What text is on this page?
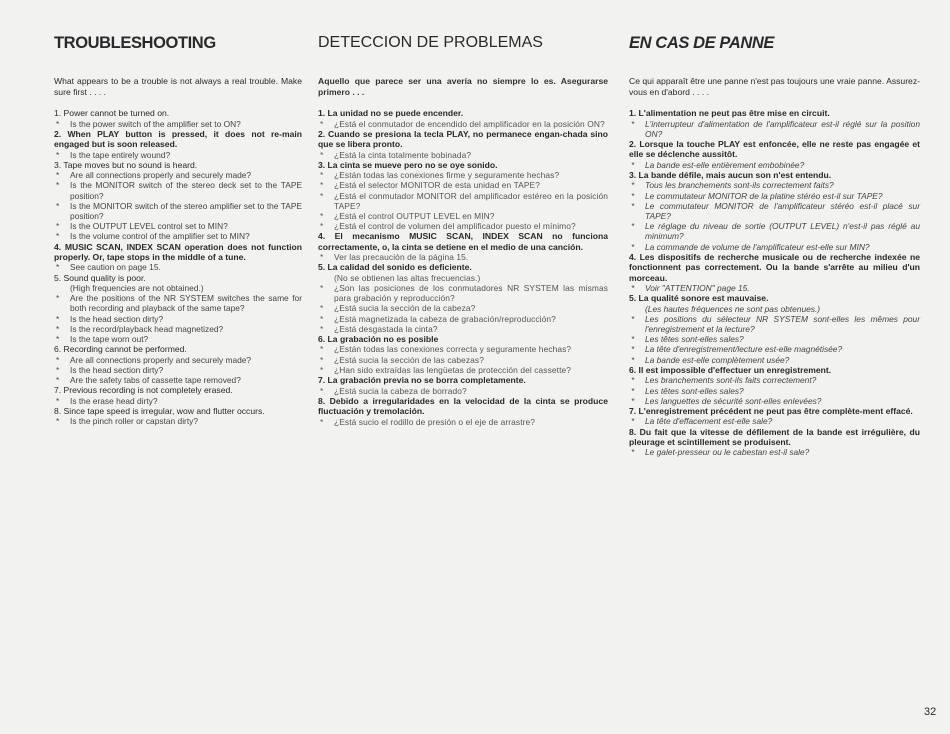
TROUBLESHOOTING
What appears to be a trouble is not always a real trouble. Make sure first . . . .
1. Power cannot be turned on.
* Is the power switch of the amplifier set to ON?
2. When PLAY button is pressed, it does not re-main engaged but is soon released.
* Is the tape entirely wound?
3. Tape moves but no sound is heard.
* Are all connections properly and securely made?
* Is the MONITOR switch of the stereo deck set to the TAPE position?
* Is the MONITOR switch of the stereo amplifier set to the TAPE position?
* Is the OUTPUT LEVEL control set to MIN?
* Is the volume control of the amplifier set to MIN?
4. MUSIC SCAN, INDEX SCAN operation does not function properly. Or, tape stops in the middle of a tune.
* See caution on page 15.
5. Sound quality is poor.
(High frequencies are not obtained.)
* Are the positions of the NR SYSTEM switches the same for both recording and playback of the same tape?
* Is the head section dirty?
* Is the record/playback head magnetized?
* Is the tape worn out?
6. Recording cannot be performed.
* Are all connections properly and securely made?
* Is the head section dirty?
* Are the safety tabs of cassette tape removed?
7. Previous recording is not completely erased.
* Is the erase head dirty?
8. Since tape speed is irregular, wow and flutter occurs.
* Is the pinch roller or capstan dirty?
DETECCION DE PROBLEMAS
Aquello que parece ser una avería no siempre lo es. Asegurarse primero . . .
1. La unidad no se puede encender.
* ¿Está el conmutador de encendido del amplificador en la posición ON?
2. Cuando se presiona la tecla PLAY, no permanece engan-chada sino que se libera pronto.
* ¿Está la cinta totalmente bobinada?
3. La cinta se mueve pero no se oye sonido.
* ¿Están todas las conexiones firme y seguramente hechas?
* ¿Está el selector MONITOR de esta unidad en TAPE?
* ¿Está el conmutador MONITOR del amplificador estéreo en la posición TAPE?
* ¿Está el control OUTPUT LEVEL en MIN?
* ¿Está el control de volumen del amplificador puesto el mínimo?
4. El mecanismo MUSIC SCAN, INDEX SCAN no funciona correctamente, o, la cinta se detiene en el medio de una canción.
* Ver las precaución de la página 15.
5. La calidad del sonido es deficiente.
(No se obtienen las altas frecuencias.)
* ¿Son las posiciones de los conmutadores NR SYSTEM las mismas para grabación y reproducción?
* ¿Está sucia la sección de la cabeza?
* ¿Está magnetizada la cabeza de grabación/reproducción?
* ¿Está desgastada la cinta?
6. La grabación no es posible
* ¿Están todas las conexiones correcta y seguramente hechas?
* ¿Está sucia la sección de las cabezas?
* ¿Han sido extraídas las lengüetas de protección del cassette?
7. La grabación previa no se borra completamente.
* ¿Está sucia la cabeza de borrado?
8. Debido a irregularidades en la velocidad de la cinta se produce fluctuación y tremolación.
* ¿Está sucio el rodillo de presión o el eje de arrastre?
EN CAS DE PANNE
Ce qui apparaît être une panne n'est pas toujours une vraie panne. Assurez-vous en d'abord . . . .
1. L'alimentation ne peut pas être mise en circuit.
* L'interrupteur d'alimentation de l'amplificateur est-il réglé sur la position ON?
2. Lorsque la touche PLAY est enfoncée, elle ne reste pas engagée et elle se déclenche aussitôt.
* La bande est-elle entièrement embobinée?
3. La bande défile, mais aucun son n'est entendu.
* Tous les branchements sont-ils correctement faits?
* Le commutateur MONITOR de la platine stéréo est-il sur TAPE?
* Le commutateur MONITOR de l'amplificateur stéréo est-il placé sur TAPE?
* Le réglage du niveau de sortie (OUTPUT LEVEL) n'est-il pas réglé au minimum?
* La commande de volume de l'amplificateur est-elle sur MIN?
4. Les dispositifs de recherche musicale ou de recherche indexée ne fonctionnent pas correctement. Ou la bande s'arrête au milieu d'un morceau.
* Voir "ATTENTION" page 15.
5. La qualité sonore est mauvaise.
(Les hautes fréquences ne sont pas obtenues.)
* Les positions du sélecteur NR SYSTEM sont-elles les mêmes pour l'enregistrement et la lecture?
* Les têtes sont-elles sales?
* La tête d'enregistrement/lecture est-elle magnétisée?
* La bande est-elle complètement usée?
6. Il est impossible d'effectuer un enregistrement.
* Les branchements sont-ils faits correctement?
* Les têtes sont-elles sales?
* Les languettes de sécurité sont-elles enlevées?
7. L'enregistrement précédent ne peut pas être complète-ment effacé.
* La tête d'effacement est-elle sale?
8. Du fait que la vitesse de défilement de la bande est irrégulière, du pleurage et scintillement se produisent.
* Le galet-presseur ou le cabestan est-il sale?
32
